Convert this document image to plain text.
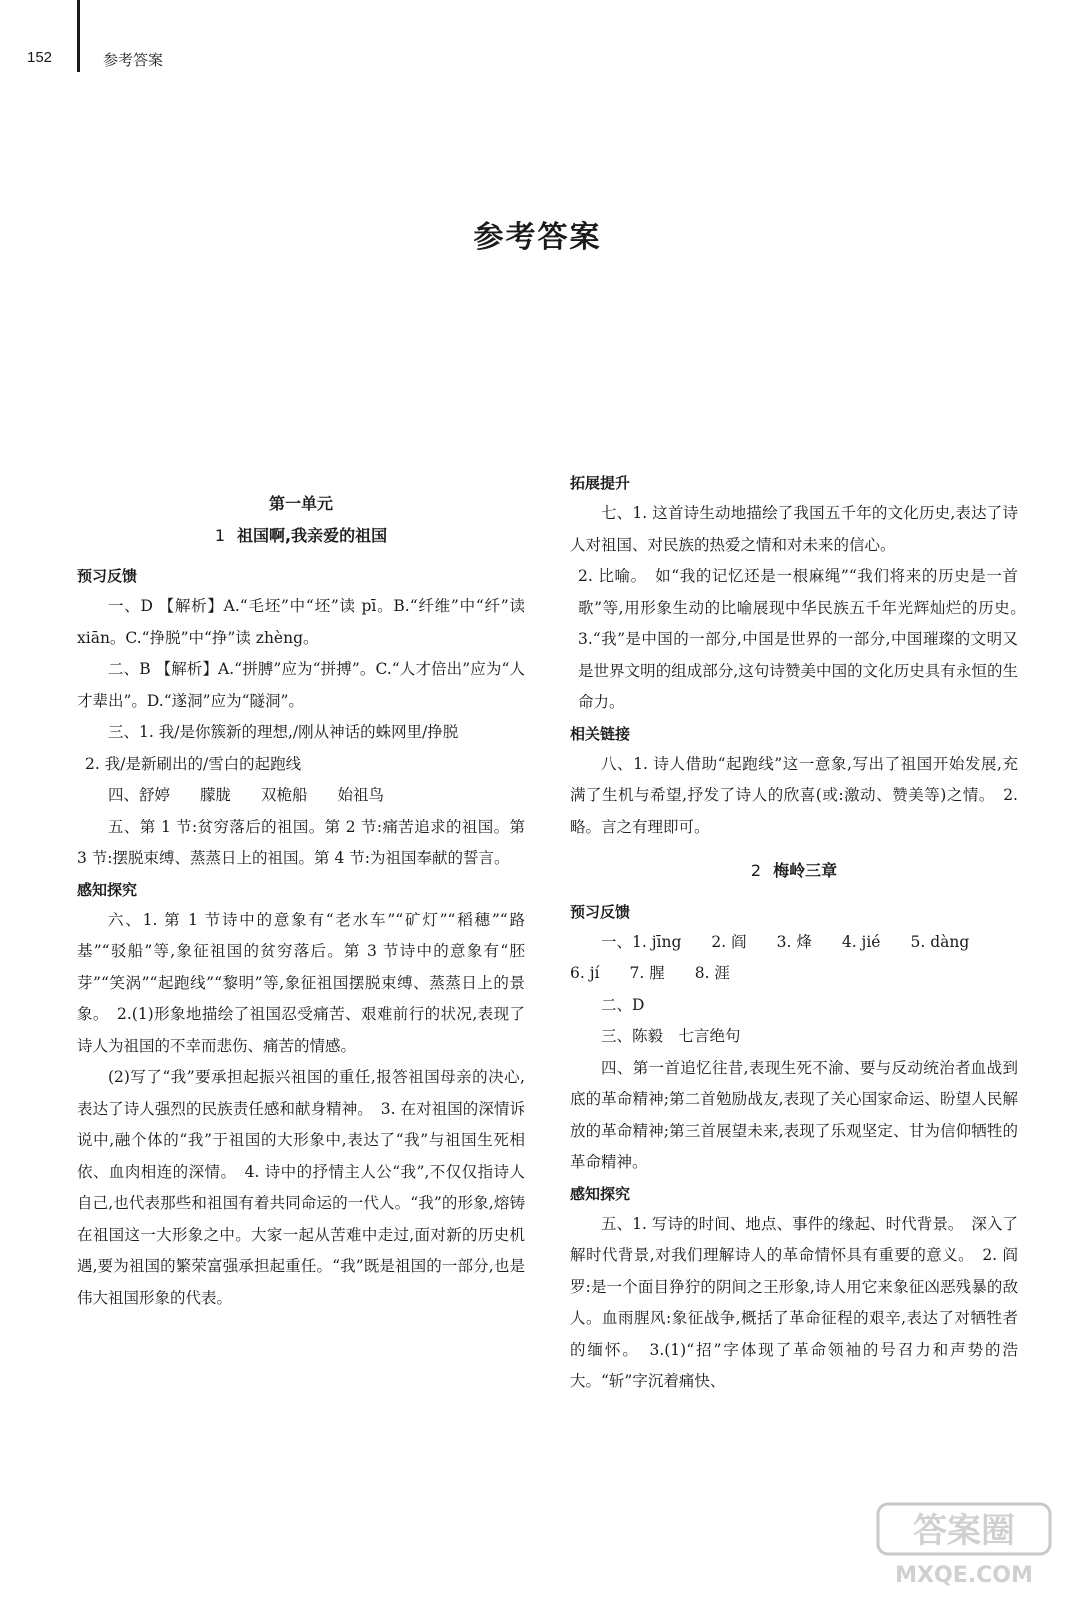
152	参考答案
参考答案
第一单元
1 祖国啊,我亲爱的祖国
预习反馈
一、D 【解析】A.“毛坯”中“坯”读 pī。B.“纤维”中“纤”读 xiān。C.“挣脱”中“挣”读 zhèng。
二、B 【解析】A.“拼膊”应为“拼搏”。C.“人才倍出”应为“人才辈出”。D.“遂洞”应为“隧洞”。
三、1. 我/是你簇新的理想,/刚从神话的蛛网里/挣脱
2. 我/是新刷出的/雪白的起跑线
四、舒婷 朦胧 双桅船 始祖鸟
五、第 1 节:贫穷落后的祖国。第 2 节:痛苦追求的祖国。第 3 节:摆脱束缚、蒸蒸日上的祖国。第 4 节:为祖国奉献的誓言。
感知探究
六、1. 第 1 节诗中的意象有“老水车”“矿灯”“稻穗”“路基”“驳船”等,象征祖国的贫穷落后。第 3 节诗中的意象有“胚芽”“笑涡”“起跑线”“黎明”等,象征祖国摆脱束缚、蒸蒸日上的景象。　2.(1)形象地描绘了祖国忍受痛苦、艰难前行的状况,表现了诗人为祖国的不幸而悲伤、痛苦的情感。
(2)写了“我”要承担起振兴祖国的重任,报答祖国母亲的决心,表达了诗人强烈的民族责任感和献身精神。　3. 在对祖国的深情诉说中,融个体的“我”于祖国的大形象中,表达了“我”与祖国生死相依、血肉相连的深情。　4. 诗中的抒情主人公“我”,不仅仅指诗人自己,也代表那些和祖国有着共同命运的一代人。“我”的形象,熔铸在祖国这一大形象之中。大家一起从苦难中走过,面对新的历史机遇,要为祖国的繁荣富强承担起重任。“我”既是祖国的一部分,也是伟大祖国形象的代表。
拓展提升
七、1. 这首诗生动地描绘了我国五千年的文化历史,表达了诗人对祖国、对民族的热爱之情和对未来的信心。
2. 比喻。　如“我的记忆还是一根麻绳”“我们将来的历史是一首歌”等,用形象生动的比喻展现中华民族五千年光辉灿烂的历史。　3.“我”是中国的一部分,中国是世界的一部分,中国璀璨的文明又是世界文明的组成部分,这句诗赞美中国的文化历史具有永恒的生命力。
相关链接
八、1. 诗人借助“起跑线”这一意象,写出了祖国开始发展,充满了生机与希望,抒发了诗人的欣喜(或:激动、赞美等)之情。　2. 略。言之有理即可。
2 梅岭三章
预习反馈
一、1. jīng 2. 阎 3. 烽 4. jié 5. dàng
6. jí 7. 腥 8. 涯
二、D
三、陈毅　七言绝句
四、第一首追忆往昔,表现生死不渝、要与反动统治者血战到底的革命精神;第二首勉励战友,表现了关心国家命运、盼望人民解放的革命精神;第三首展望未来,表现了乐观坚定、甘为信仰牺牲的革命精神。
感知探究
五、1. 写诗的时间、地点、事件的缘起、时代背景。　深入了解时代背景,对我们理解诗人的革命情怀具有重要的意义。　2. 阎罗:是一个面目狰狞的阴间之王形象,诗人用它来象征凶恶残暴的敌人。血雨腥风:象征战争,概括了革命征程的艰辛,表达了对牺牲者的缅怀。　3.(1)“招”字体现了革命领袖的号召力和声势的浩大。“斩”字沉着痛快、
答案圈
MXQE.COM
